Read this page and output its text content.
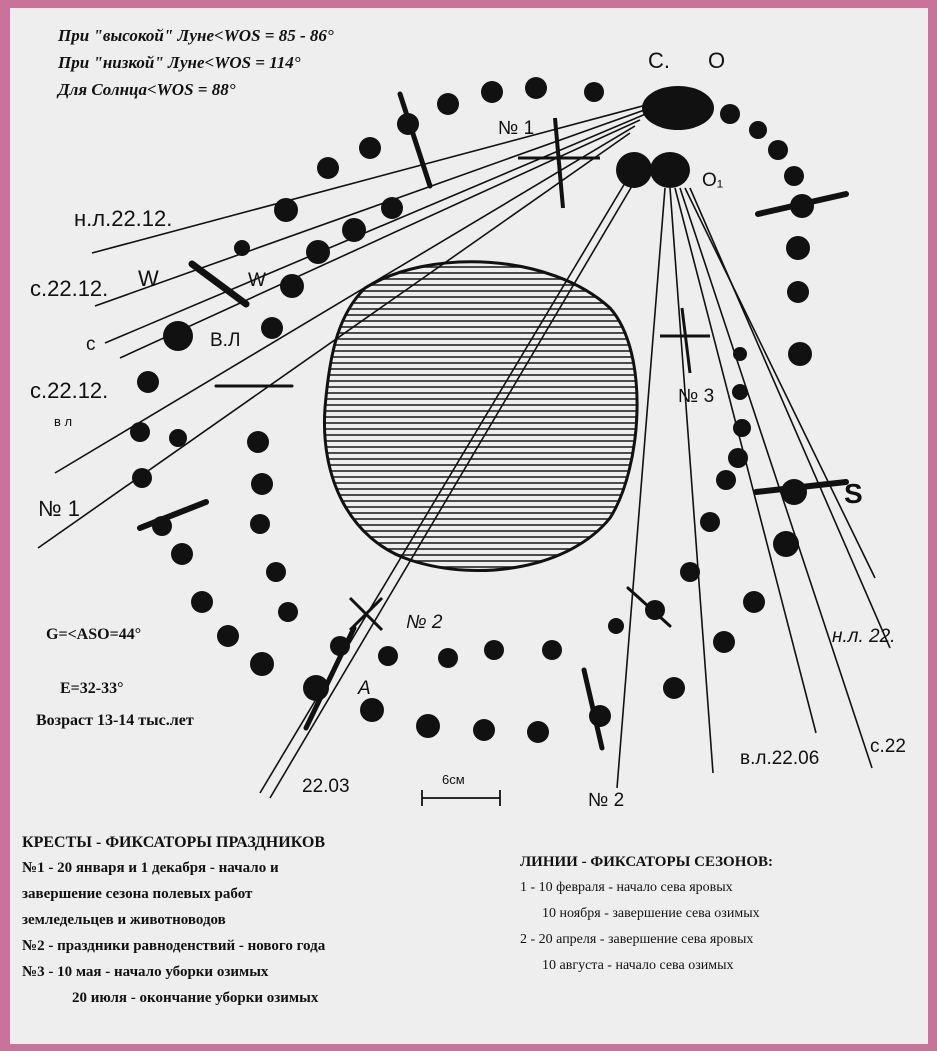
При "высокой" Луне<WOS = 85 - 86°
При "низкой" Луне<WOS = 114°
Для Солнца<WOS = 88°
С. O
O₁
S
W	W
А
В.Л
№ 1
№ 3
№ 2
№ 1
№ 2
н.л.22.12.
с.22.12.
с
с.22.12.
в л
н.л. 22.
с.22
в.л.22.06
22.03	6см
G=<ASO=44°
E=32-33°
Возраст 13-14 тыс.лет
КРЕСТЫ - ФИКСАТОРЫ ПРАЗДНИКОВ
№1 - 20 января и 1 декабря - начало и
завершение сезона полевых работ
земледельцев и животноводов
№2 - праздники равноденствий - нового года
№3 - 10 мая - начало уборки озимых
20 июля - окончание уборки озимых
ЛИНИИ - ФИКСАТОРЫ СЕЗОНОВ:
1 - 10 февраля - начало сева яровых
10 ноября - завершение сева озимых
2 - 20 апреля - завершение сева яровых
10 августа - начало сева озимых
